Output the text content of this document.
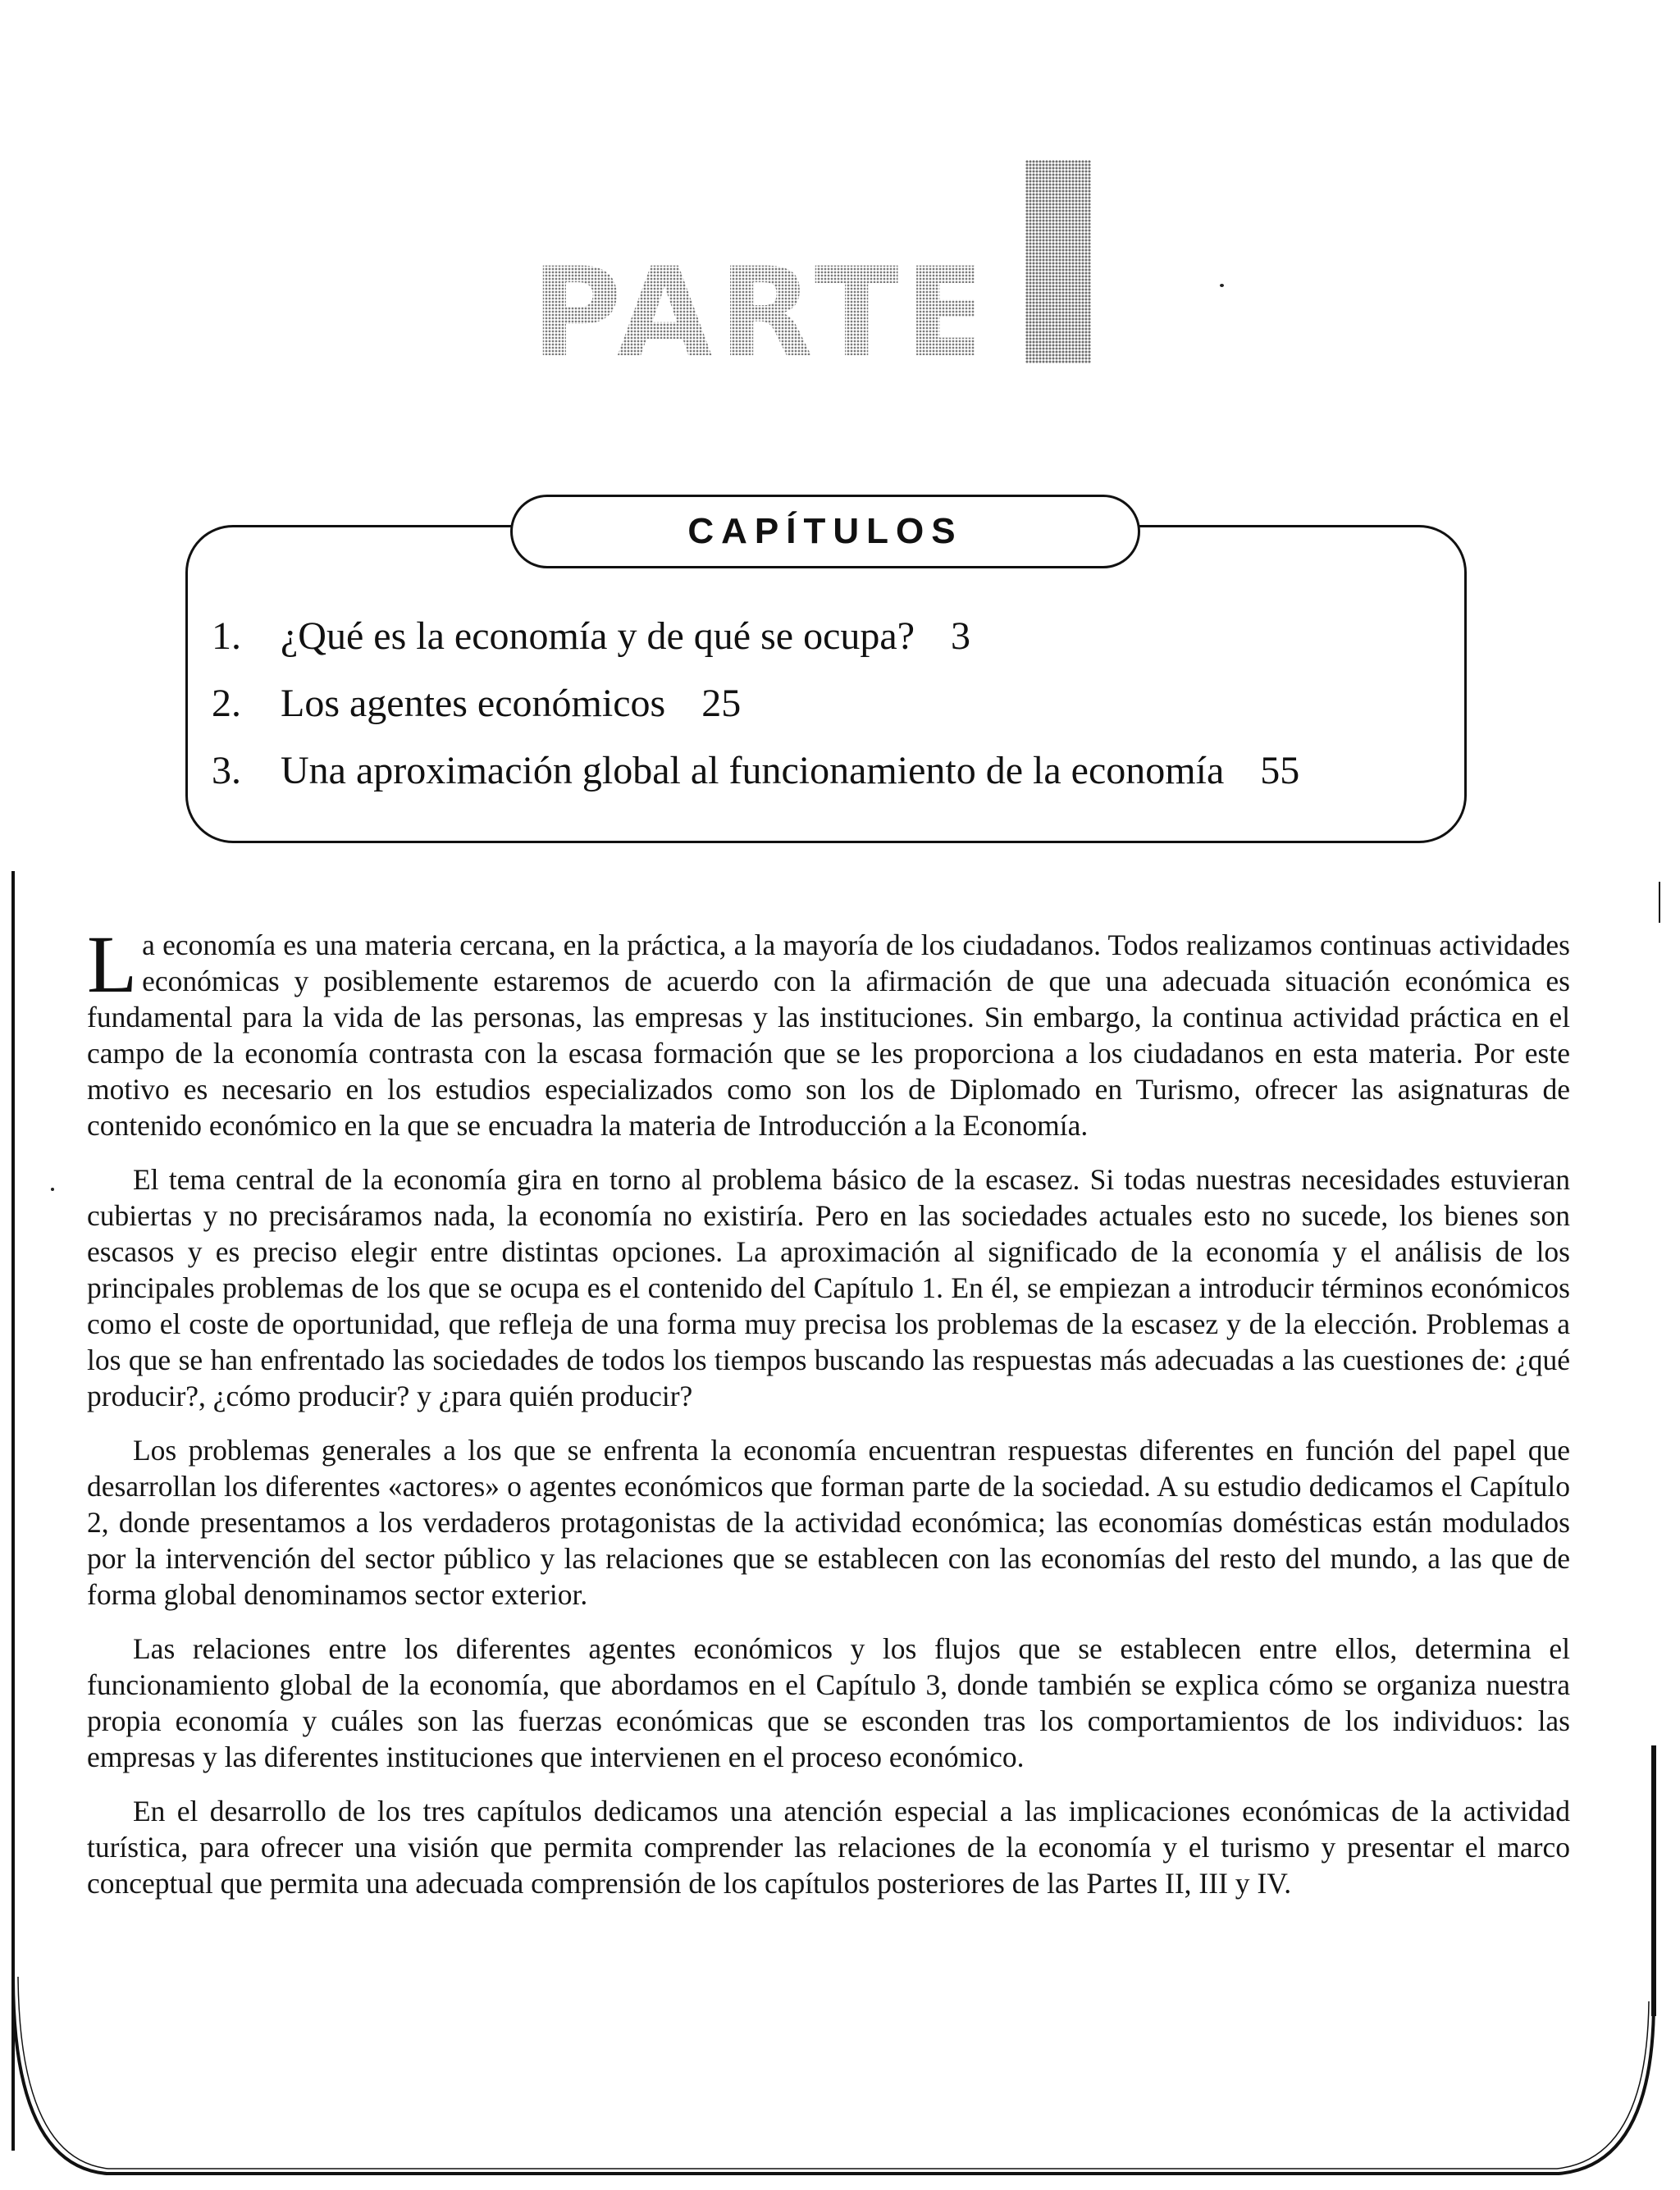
PARTE
CAPÍTULOS
1. ¿Qué es la economía y de qué se ocupa? 3
2. Los agentes económicos 25
3. Una aproximación global al funcionamiento de la economía 55

La economía es una materia cercana, en la práctica, a la mayoría de los ciudadanos. Todos realizamos continuas actividades económicas y posiblemente estaremos de acuerdo con la afirmación de que una adecuada situación económica es fundamental para la vida de las personas, las empresas y las instituciones. Sin embargo, la continua actividad práctica en el campo de la economía contrasta con la escasa formación que se les proporciona a los ciudadanos en esta materia. Por este motivo es necesario en los estudios especializados como son los de Diplomado en Turismo, ofrecer las asignaturas de contenido económico en la que se encuadra la materia de Introducción a la Economía.

El tema central de la economía gira en torno al problema básico de la escasez. Si todas nuestras necesidades estuvieran cubiertas y no precisáramos nada, la economía no existiría. Pero en las sociedades actuales esto no sucede, los bienes son escasos y es preciso elegir entre distintas opciones. La aproximación al significado de la economía y el análisis de los principales problemas de los que se ocupa es el contenido del Capítulo 1. En él, se empiezan a introducir términos económicos como el coste de oportunidad, que refleja de una forma muy precisa los problemas de la escasez y de la elección. Problemas a los que se han enfrentado las sociedades de todos los tiempos buscando las respuestas más adecuadas a las cuestiones de: ¿qué producir?, ¿cómo producir? y ¿para quién producir?

Los problemas generales a los que se enfrenta la economía encuentran respuestas diferentes en función del papel que desarrollan los diferentes «actores» o agentes económicos que forman parte de la sociedad. A su estudio dedicamos el Capítulo 2, donde presentamos a los verdaderos protagonistas de la actividad económica; las economías domésticas están modulados por la intervención del sector público y las relaciones que se establecen con las economías del resto del mundo, a las que de forma global denominamos sector exterior.

Las relaciones entre los diferentes agentes económicos y los flujos que se establecen entre ellos, determina el funcionamiento global de la economía, que abordamos en el Capítulo 3, donde también se explica cómo se organiza nuestra propia economía y cuáles son las fuerzas económicas que se esconden tras los comportamientos de los individuos: las empresas y las diferentes instituciones que intervienen en el proceso económico.

En el desarrollo de los tres capítulos dedicamos una atención especial a las implicaciones económicas de la actividad turística, para ofrecer una visión que permita comprender las relaciones de la economía y el turismo y presentar el marco conceptual que permita una adecuada comprensión de los capítulos posteriores de las Partes II, III y IV.
